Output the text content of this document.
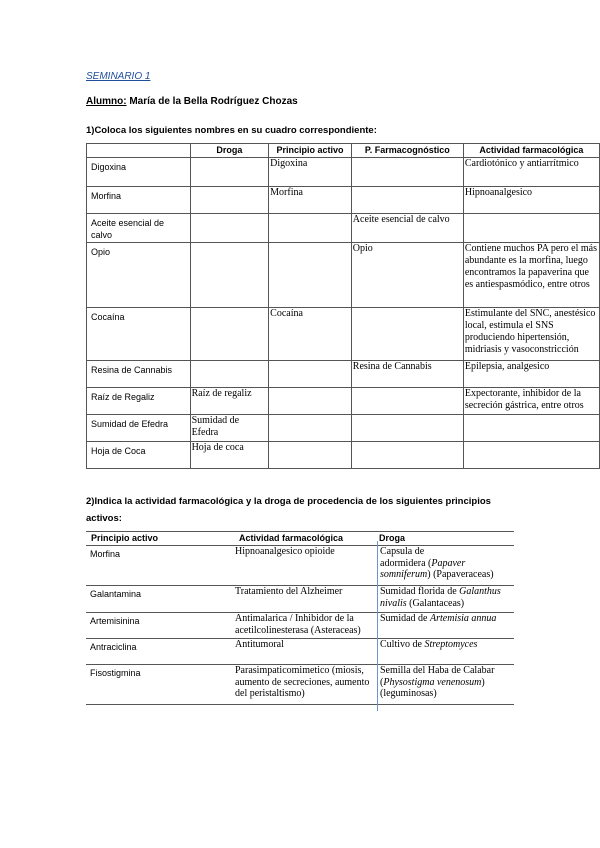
SEMINARIO 1
Alumno: María de la Bella Rodríguez Chozas
1)Coloca los siguientes nombres en su cuadro correspondiente:
	Droga	Principio activo	P. Farmacognóstico	Actividad farmacológica
Digoxina		Digoxina		Cardiotónico y antiarrítmico
Morfina		Morfina		Hipnoanalgesico
Aceite esencial de calvo			Aceite esencial de calvo	
Opio			Opio	Contiene muchos PA pero el más abundante es la morfina, luego encontramos la papaverina que es antiespasmódico, entre otros
Cocaína		Cocaína		Estimulante del SNC, anestésico local, estimula el SNS produciendo hipertensión, midriasis y vasoconstricción
Resina de Cannabis			Resina de Cannabis	Epilepsia, analgesico
Raíz de Regaliz	Raíz de regaliz			Expectorante, inhibidor de la secreción gástrica, entre otros
Sumidad de Efedra	Sumidad de Efedra			
Hoja de Coca	Hoja de coca			
2)Indica la actividad farmacológica y la droga de procedencia de los siguientes principios activos:
Principio activo	Actividad farmacológica	Droga
Morfina	Hipnoanalgesico opioide	Capsula de
adormidera (Papaver somniferum) (Papaveraceas)
Galantamina	Tratamiento del Alzheimer	Sumidad florida de Galanthus nivalis (Galantaceas)
Artemisinina	Antimalarica / Inhibidor de la acetilcolinesterasa (Asteraceas)	Sumidad de Artemisia annua
Antraciclina	Antitumoral	Cultivo de Streptomyces
Fisostigmina	Parasimpaticomimetico (miosis, aumento de secreciones, aumento del peristaltismo)	Semilla del Haba de Calabar (Physostigma venenosum)
(leguminosas)
